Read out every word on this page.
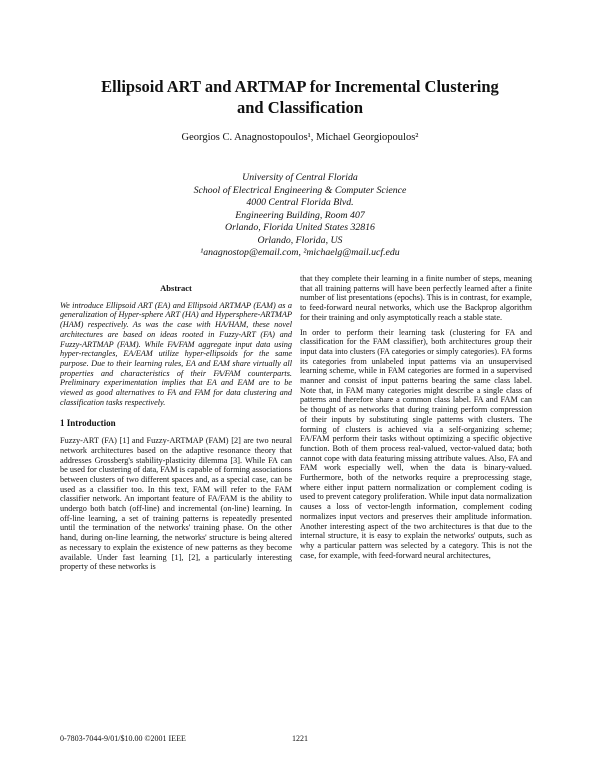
Ellipsoid ART and ARTMAP for Incremental Clustering
and Classification
Georgios C. Anagnostopoulos¹, Michael Georgiopoulos²
University of Central Florida
School of Electrical Engineering & Computer Science
4000 Central Florida Blvd.
Engineering Building, Room 407
Orlando, Florida United States 32816
Orlando, Florida, US
¹anagnostop@email.com, ²michaelg@mail.ucf.edu
Abstract

We introduce Ellipsoid ART (EA) and Ellipsoid ARTMAP (EAM) as a generalization of Hyper-sphere ART (HA) and Hypersphere-ARTMAP (HAM) respectively. As was the case with HA/HAM, these novel architectures are based on ideas rooted in Fuzzy-ART (FA) and Fuzzy-ARTMAP (FAM). While FA/FAM aggregate input data using hyper-rectangles, EA/EAM utilize hyper-ellipsoids for the same purpose. Due to their learning rules, EA and EAM share virtually all properties and characteristics of their FA/FAM counterparts. Preliminary experimentation implies that EA and EAM are to be viewed as good alternatives to FA and FAM for data clustering and classification tasks respectively.

1 Introduction

Fuzzy-ART (FA) [1] and Fuzzy-ARTMAP (FAM) [2] are two neural network architectures based on the adaptive resonance theory that addresses Grossberg's stability-plasticity dilemma [3]. While FA can be used for clustering of data, FAM is capable of forming associations between clusters of two different spaces and, as a special case, can be used as a classifier too. In this text, FAM will refer to the FAM classifier network. An important feature of FA/FAM is the ability to undergo both batch (off-line) and incremental (on-line) learning. In off-line learning, a set of training patterns is repeatedly presented until the termination of the networks' training phase. On the other hand, during on-line learning, the networks' structure is being altered as necessary to explain the existence of new patterns as they become available. Under fast learning [1], [2], a particularly interesting property of these networks is

that they complete their learning in a finite number of steps, meaning that all training patterns will have been perfectly learned after a finite number of list presentations (epochs). This is in contrast, for example, to feed-forward neural networks, which use the Backprop algorithm for their training and only asymptotically reach a stable state.

In order to perform their learning task (clustering for FA and classification for the FAM classifier), both architectures group their input data into clusters (FA categories or simply categories). FA forms its categories from unlabeled input patterns via an unsupervised learning scheme, while in FAM categories are formed in a supervised manner and consist of input patterns bearing the same class label. Note that, in FAM many categories might describe a single class of patterns and therefore share a common class label. FA and FAM can be thought of as networks that during training perform compression of their inputs by substituting single patterns with clusters. The forming of clusters is achieved via a self-organizing scheme; FA/FAM perform their tasks without optimizing a specific objective function. Both of them process real-valued, vector-valued data; both cannot cope with data featuring missing attribute values. Also, FA and FAM work especially well, when the data is binary-valued. Furthermore, both of the networks require a preprocessing stage, where either input pattern normalization or complement coding is used to prevent category proliferation. While input data normalization causes a loss of vector-length information, complement coding normalizes input vectors and preserves their amplitude information. Another interesting aspect of the two architectures is that due to the internal structure, it is easy to explain the networks' outputs, such as why a particular pattern was selected by a category. This is not the case, for example, with feed-forward neural architectures,

0-7803-7044-9/01/$10.00 ©2001 IEEE	1221
